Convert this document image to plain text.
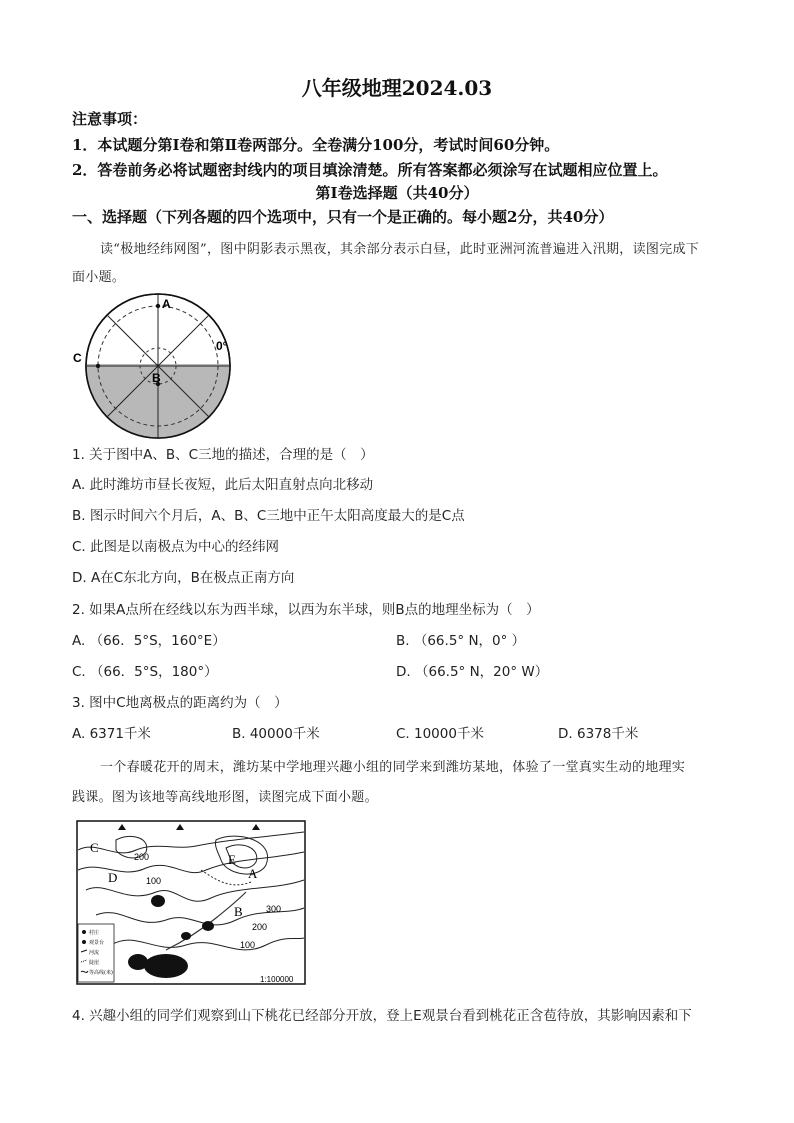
八年级地理2024.03
注意事项：
1．本试题分第Ⅰ卷和第Ⅱ卷两部分。全卷满分100分，考试时间60分钟。
2．答卷前务必将试题密封线内的项目填涂清楚。所有答案都必须涂写在试题相应位置上。
第Ⅰ卷选择题（共40分）
一、选择题（下列各题的四个选项中，只有一个是正确的。每小题2分，共40分）
读“极地经纬网图”，图中阴影表示黑夜，其余部分表示白昼，此时亚洲河流普遍进入汛期，读图完成下
面小题。
A
B
C
0°
1. 关于图中A、B、C三地的描述，合理的是（　）
A. 此时潍坊市昼长夜短，此后太阳直射点向北移动
B. 图示时间六个月后，A、B、C三地中正午太阳高度最大的是C点
C. 此图是以南极点为中心的经纬网
D. A在C东北方向，B在极点正南方向
2. 如果A点所在经线以东为西半球，以西为东半球，则B点的地理坐标为（　）
A. （66．5°S，160°E）	B. （66.5° N，0° ）
C. （66．5°S，180°）	D. （66.5° N，20° W）
3. 图中C地离极点的距离约为（　）
A. 6371千米	B. 40000千米	C. 10000千米	D. 6378千米
一个春暖花开的周末，潍坊某中学地理兴趣小组的同学来到潍坊某地，体验了一堂真实生动的地理实
践课。图为该地等高线地形图，读图完成下面小题。
C
D
E
A
B
200
100
300
200
100
村庄
观景台
河流
陡崖
等高线(米)
1:100000
4. 兴趣小组的同学们观察到山下桃花已经部分开放，登上E观景台看到桃花正含苞待放，其影响因素和下
